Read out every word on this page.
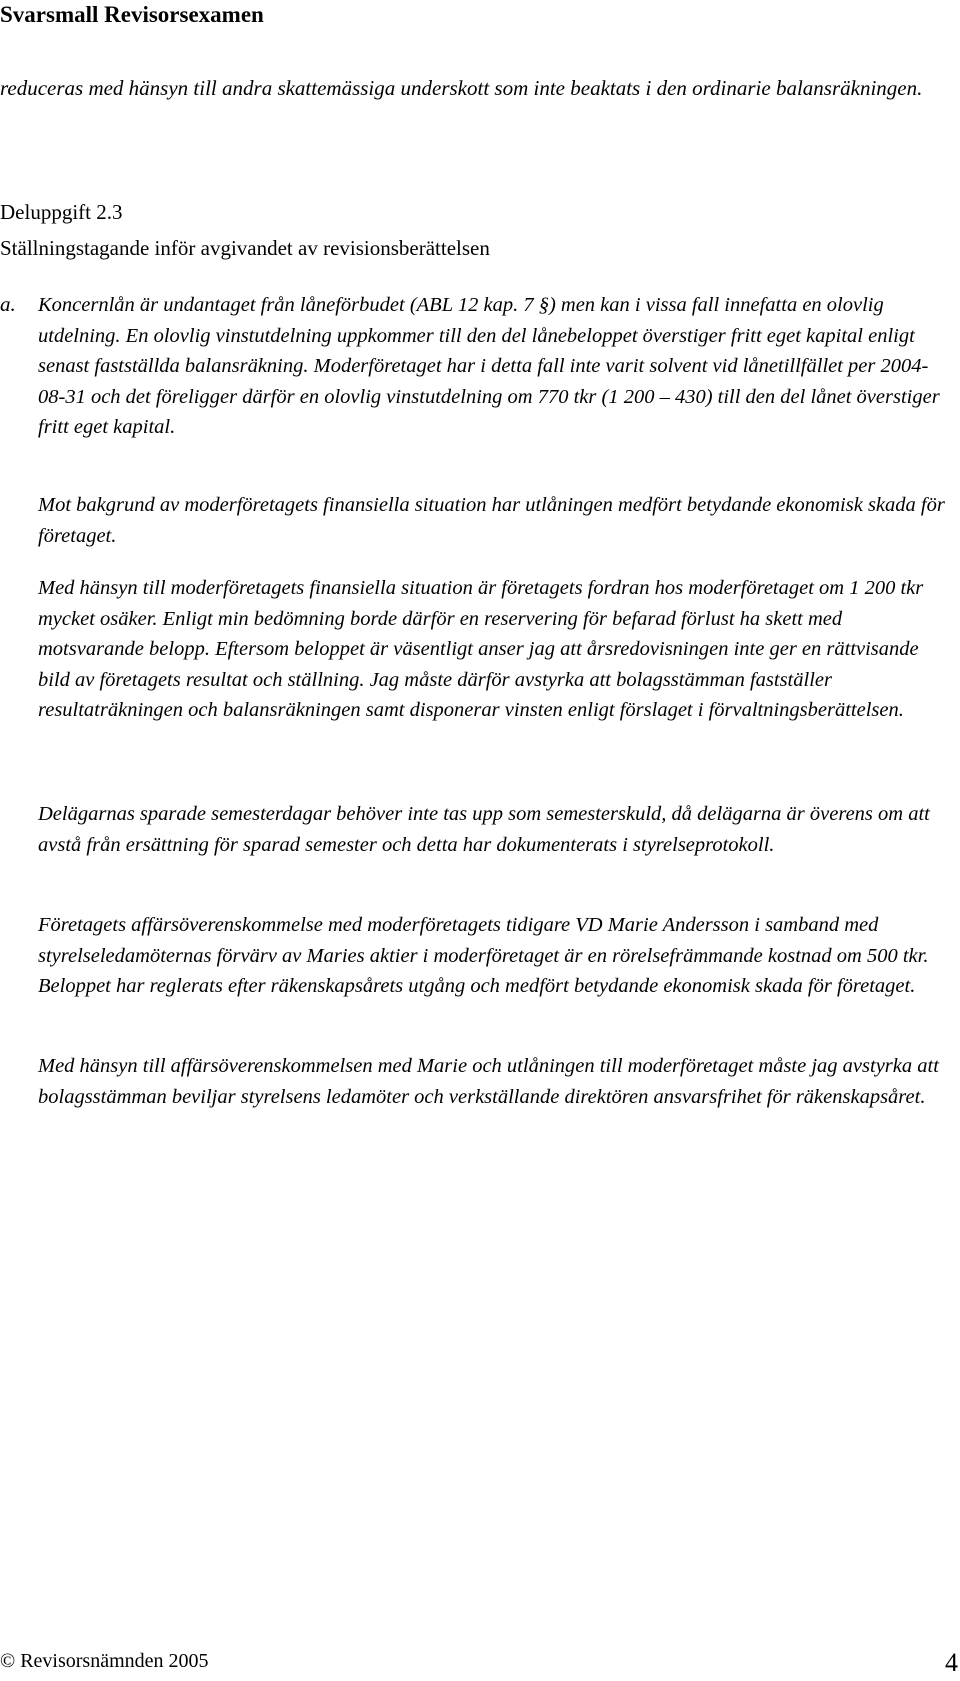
Svarsmall Revisorsexamen
reduceras med hänsyn till andra skattemässiga underskott som inte beaktats i den ordinarie balansräkningen.
Deluppgift 2.3
Ställningstagande inför avgivandet av revisionsberättelsen
a. Koncernlån är undantaget från låneförbudet (ABL 12 kap. 7 §) men kan i vissa fall innefatta en olovlig utdelning. En olovlig vinstutdelning uppkommer till den del lånebeloppet överstiger fritt eget kapital enligt senast fastställda balansräkning. Moderföretaget har i detta fall inte varit solvent vid lånetillfället per 2004-08-31 och det föreligger därför en olovlig vinstutdelning om 770 tkr (1 200 – 430) till den del lånet överstiger fritt eget kapital.

Mot bakgrund av moderföretagets finansiella situation har utlåningen medfört betydande ekonomisk skada för företaget.

Med hänsyn till moderföretagets finansiella situation är företagets fordran hos moderföretaget om 1 200 tkr mycket osäker. Enligt min bedömning borde därför en reservering för befarad förlust ha skett med motsvarande belopp. Eftersom beloppet är väsentligt anser jag att årsredovisningen inte ger en rättvisande bild av företagets resultat och ställning. Jag måste därför avstyrka att bolagsstämman fastställer resultaträkningen och balansräkningen samt disponerar vinsten enligt förslaget i förvaltningsberättelsen.

Delägarnas sparade semesterdagar behöver inte tas upp som semesterskuld, då delägarna är överens om att avstå från ersättning för sparad semester och detta har dokumenterats i styrelseprotokoll.

Företagets affärsöverenskommelse med moderföretagets tidigare VD Marie Andersson i samband med styrelseledamöternas förvärv av Maries aktier i moderföretaget är en rörelsefrämmande kostnad om 500 tkr. Beloppet har reglerats efter räkenskapsårets utgång och medfört betydande ekonomisk skada för företaget.

Med hänsyn till affärsöverenskommelsen med Marie och utlåningen till moderföretaget måste jag avstyrka att bolagsstämman beviljar styrelsens ledamöter och verkställande direktören ansvarsfrihet för räkenskapsåret.

© Revisorsnämnden 2005	4
